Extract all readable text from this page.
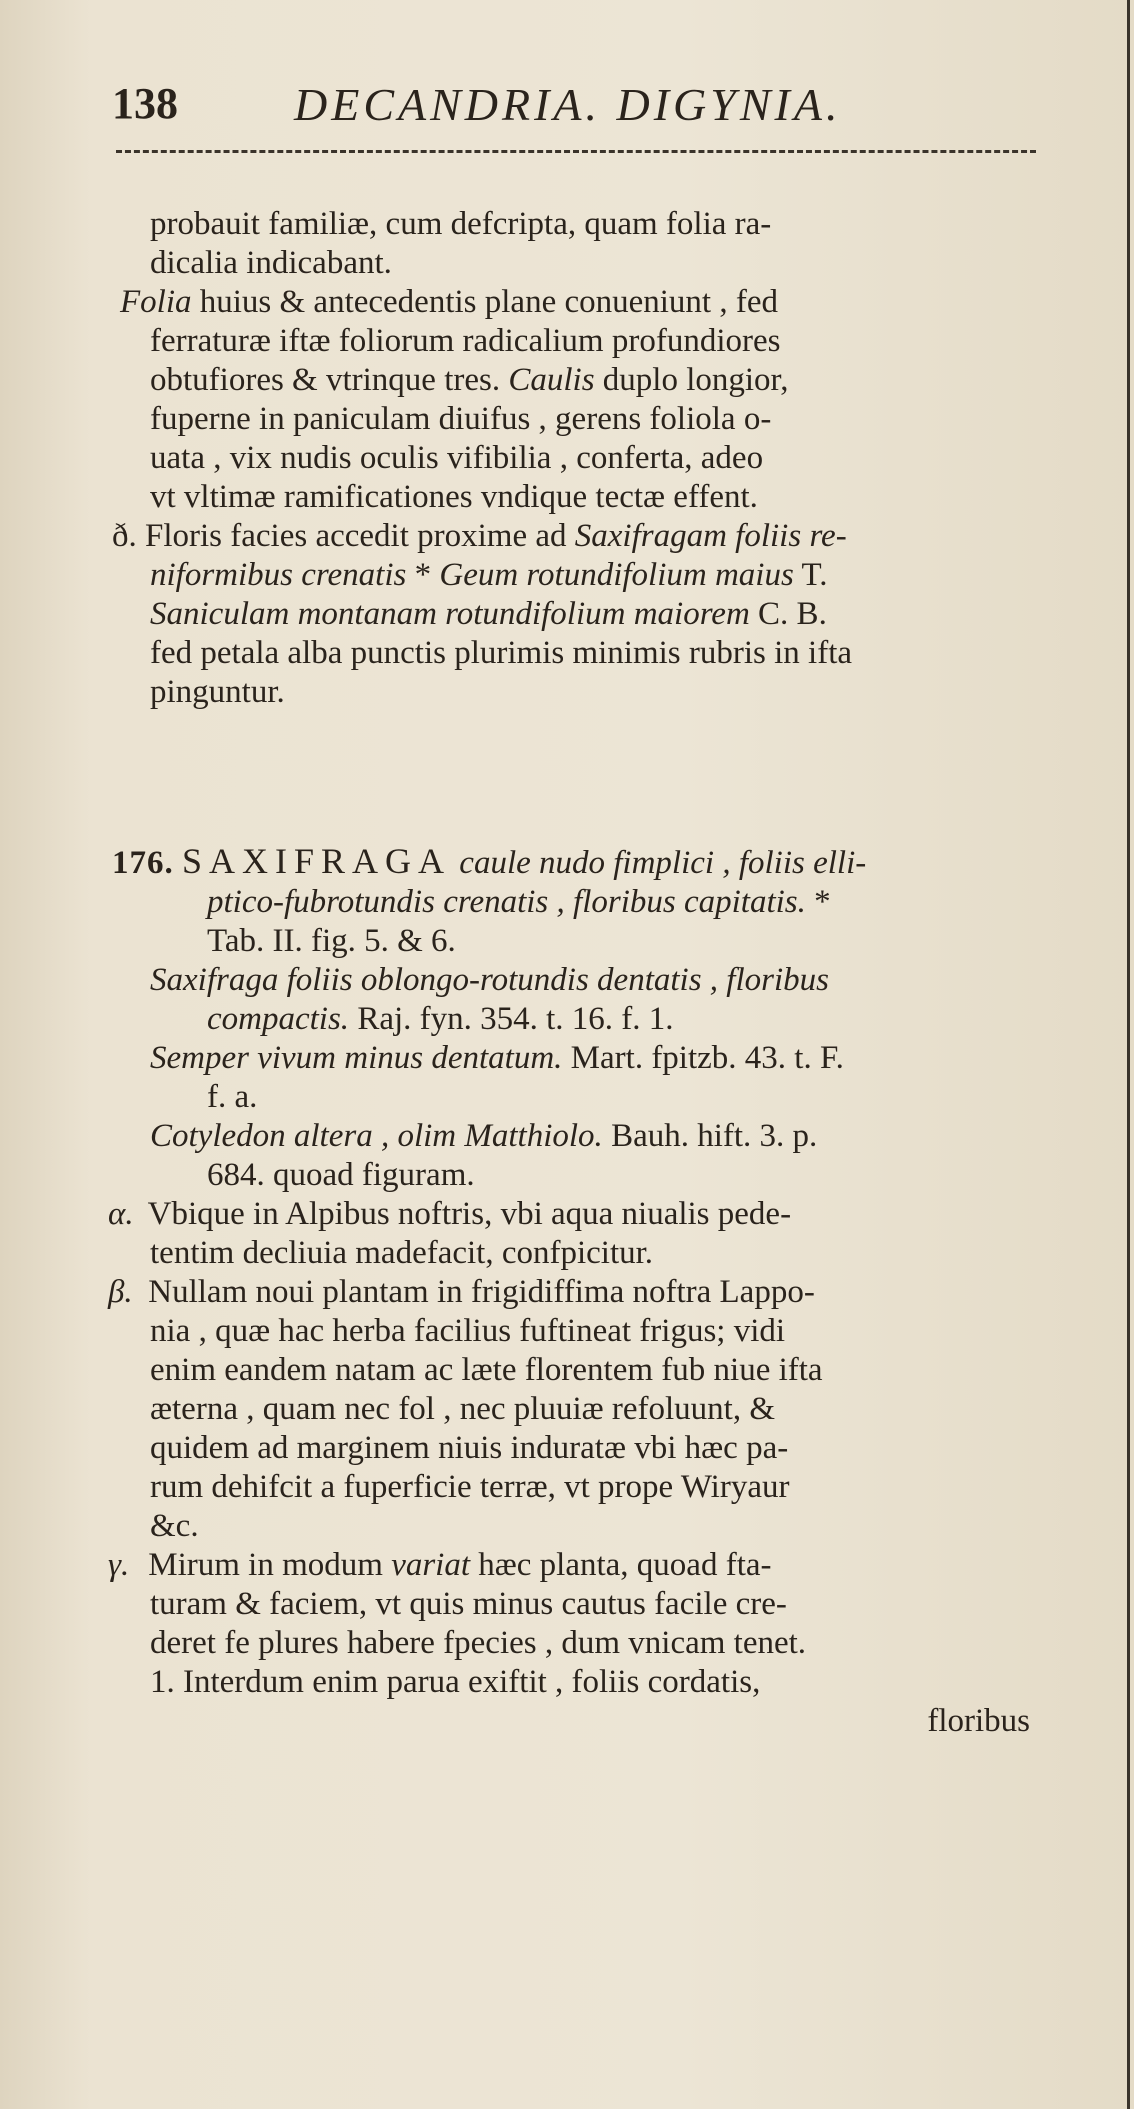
138	DECANDRIA. DIGYNIA.

probauit familiæ, cum defcripta, quam folia ra-
dicalia indicabant.

Folia huius & antecedentis plane conueniunt , fed
ferraturæ iftæ foliorum radicalium profundiores
obtufiores & vtrinque tres. Caulis duplo longior,
fuperne in paniculam diuifus , gerens foliola o-
uata , vix nudis oculis vifibilia , conferta, adeo
vt vltimæ ramificationes vndique tectæ effent.

ð. Floris facies accedit proxime ad Saxifragam foliis re-
niformibus crenatis * Geum rotundifolium maius T.
Saniculam montanam rotundifolium maiorem C. B.
fed petala alba punctis plurimis minimis rubris in ifta
pinguntur.

176. SAXIFRAGA caule nudo fimplici , foliis elli-
ptico-fubrotundis crenatis , floribus capitatis. *
Tab. II. fig. 5. & 6.

Saxifraga foliis oblongo-rotundis dentatis , floribus
compactis. Raj. fyn. 354. t. 16. f. 1.
Semper vivum minus dentatum. Mart. fpitzb. 43. t. F.
f. a.
Cotyledon altera , olim Matthiolo. Bauh. hift. 3. p.
684. quoad figuram.

α. Vbique in Alpibus noftris, vbi aqua niualis pede-
tentim decliuia madefacit, confpicitur.

β. Nullam noui plantam in frigidiffima noftra Lappo-
nia , quæ hac herba facilius fuftineat frigus; vidi
enim eandem natam ac læte florentem fub niue ifta
æterna , quam nec fol , nec pluuiæ refoluunt, &
quidem ad marginem niuis induratæ vbi hæc pa-
rum dehifcit a fuperficie terræ, vt prope Wiryaur
&c.

γ. Mirum in modum variat hæc planta, quoad fta-
turam & faciem, vt quis minus cautus facile cre-
deret fe plures habere fpecies , dum vnicam tenet.
1. Interdum enim parua exiftit , foliis cordatis,

floribus
